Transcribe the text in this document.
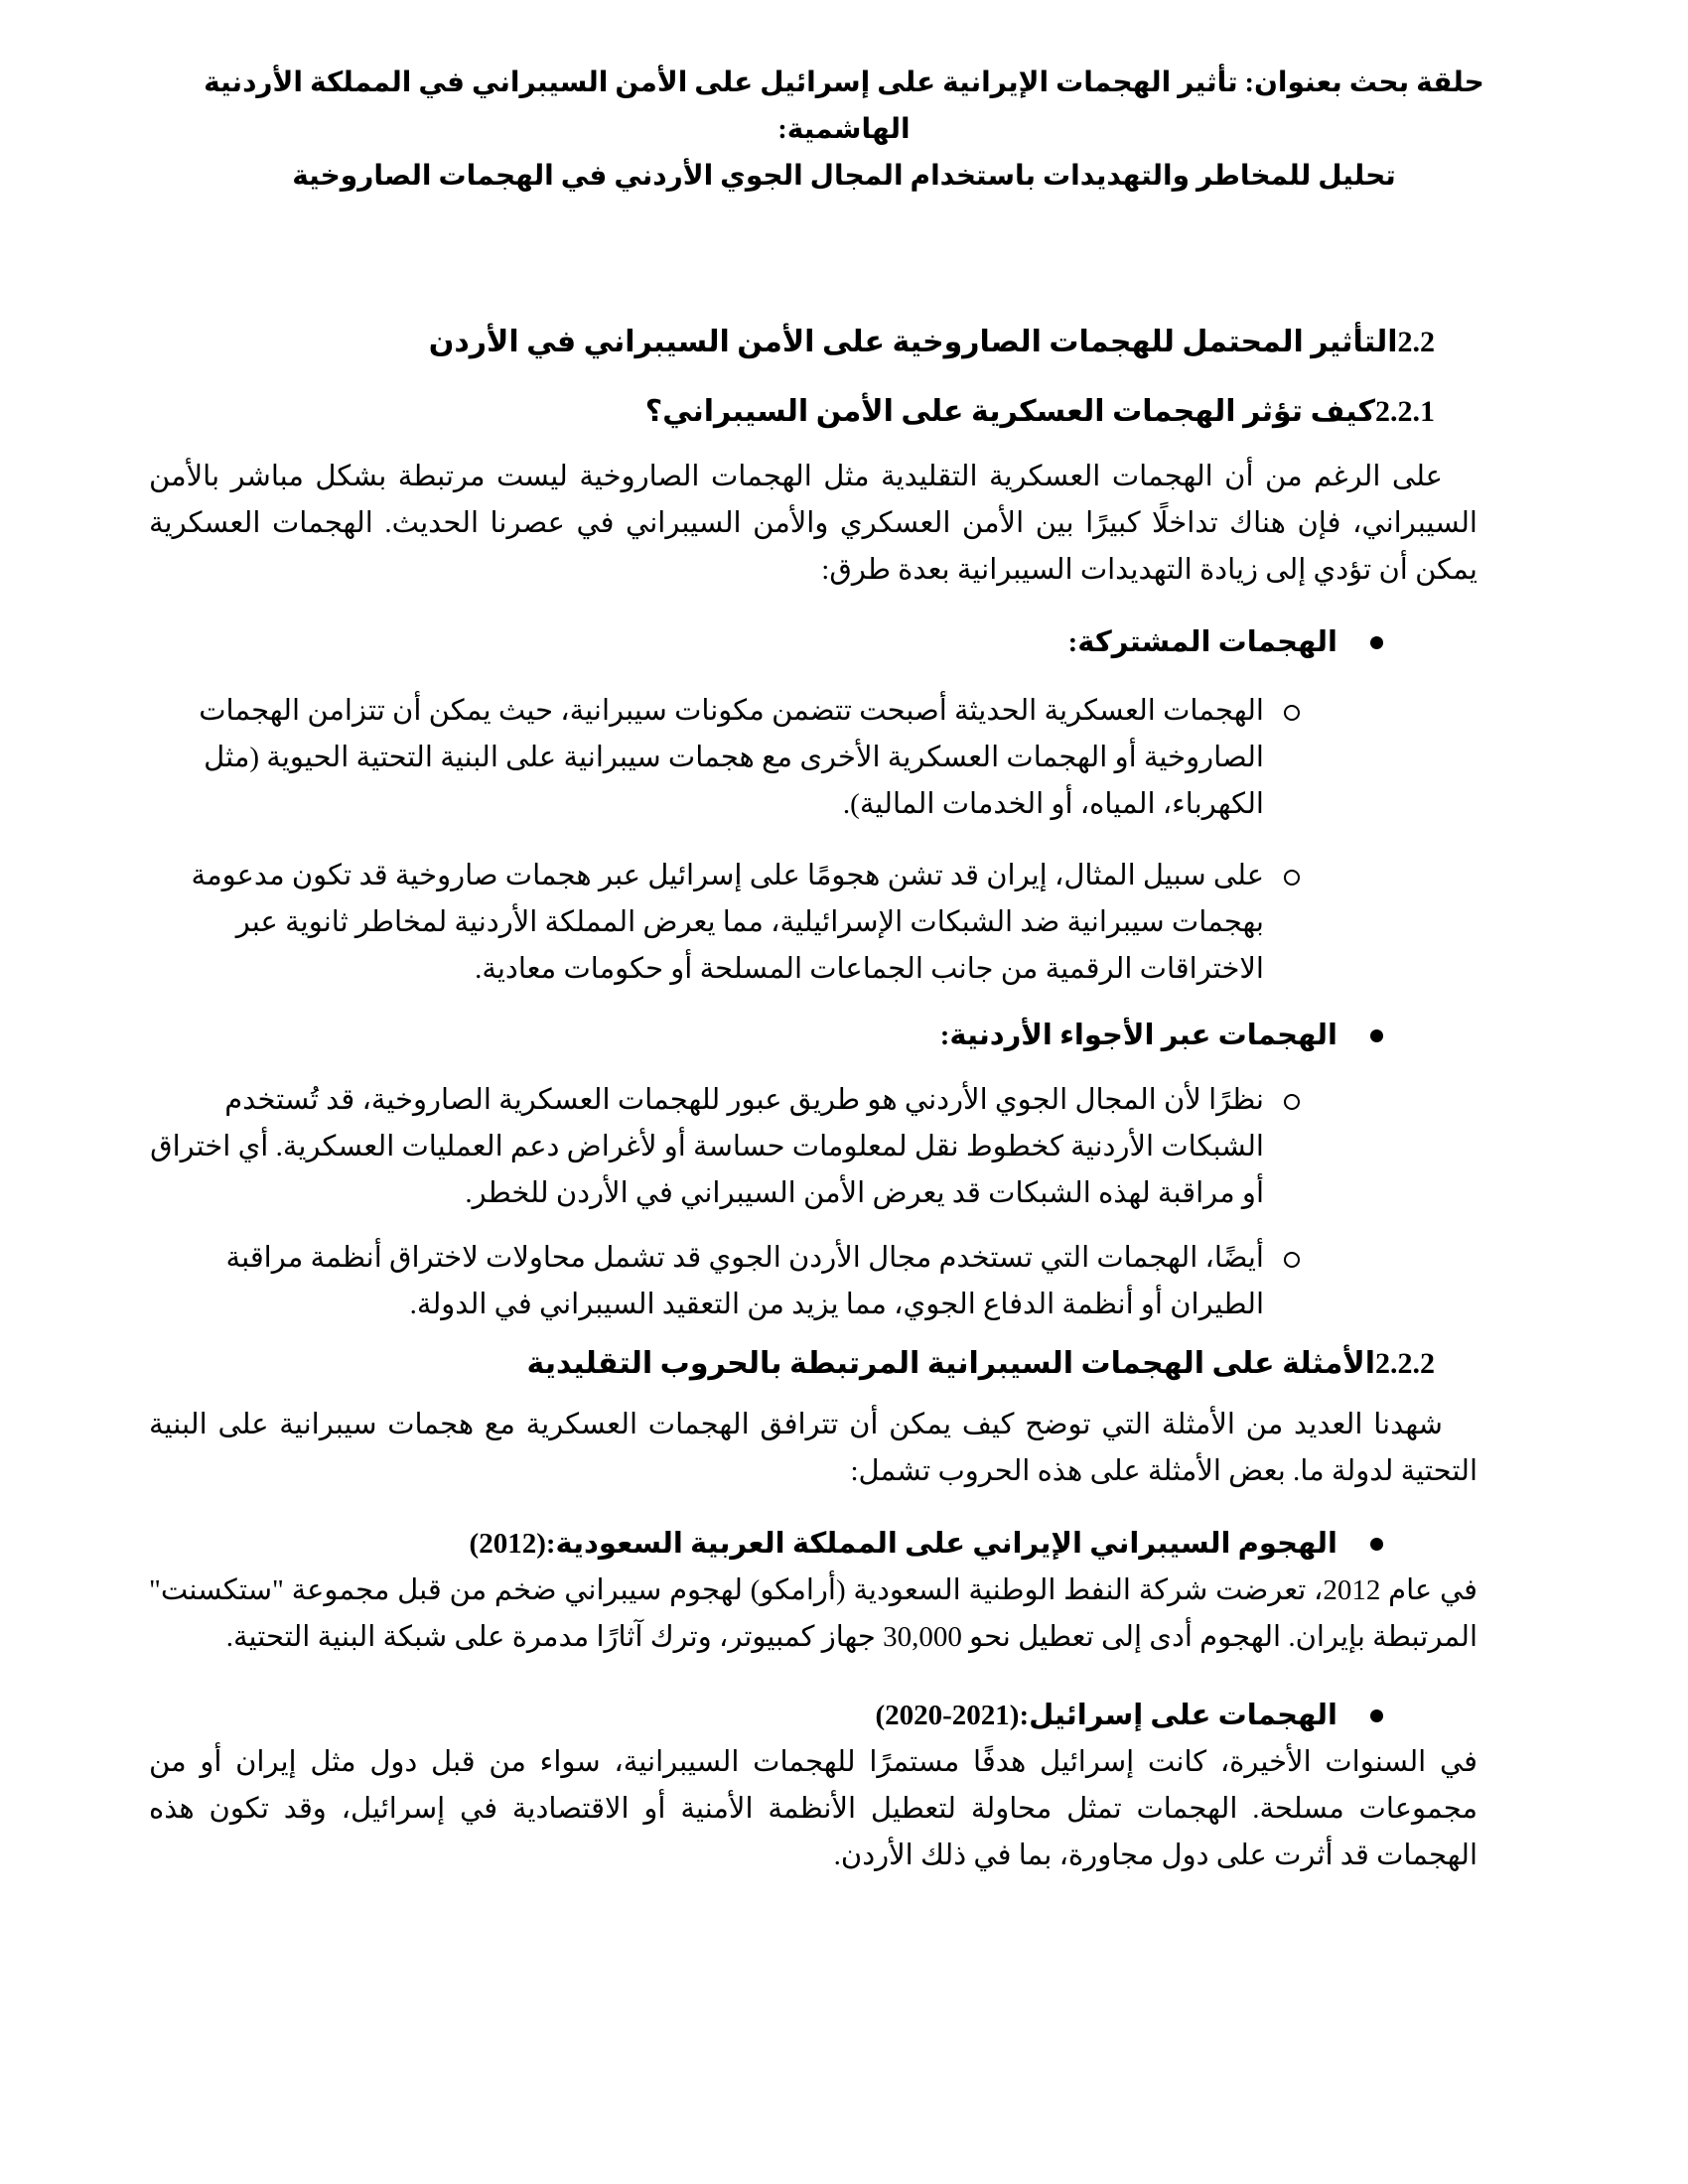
حلقة بحث بعنوان: تأثير الهجمات الإيرانية على إسرائيل على الأمن السيبراني في المملكة الأردنية الهاشمية:
تحليل للمخاطر والتهديدات باستخدام المجال الجوي الأردني في الهجمات الصاروخية
2.2التأثير المحتمل للهجمات الصاروخية على الأمن السيبراني في الأردن
2.2.1كيف تؤثر الهجمات العسكرية على الأمن السيبراني؟
على الرغم من أن الهجمات العسكرية التقليدية مثل الهجمات الصاروخية ليست مرتبطة بشكل مباشر بالأمن السيبراني، فإن هناك تداخلًا كبيرًا بين الأمن العسكري والأمن السيبراني في عصرنا الحديث. الهجمات العسكرية يمكن أن تؤدي إلى زيادة التهديدات السيبرانية بعدة طرق:
الهجمات المشتركة:
الهجمات العسكرية الحديثة أصبحت تتضمن مكونات سيبرانية، حيث يمكن أن تتزامن الهجمات الصاروخية أو الهجمات العسكرية الأخرى مع هجمات سيبرانية على البنية التحتية الحيوية (مثل الكهرباء، المياه، أو الخدمات المالية).
على سبيل المثال، إيران قد تشن هجومًا على إسرائيل عبر هجمات صاروخية قد تكون مدعومة بهجمات سيبرانية ضد الشبكات الإسرائيلية، مما يعرض المملكة الأردنية لمخاطر ثانوية عبر الاختراقات الرقمية من جانب الجماعات المسلحة أو حكومات معادية.
الهجمات عبر الأجواء الأردنية:
نظرًا لأن المجال الجوي الأردني هو طريق عبور للهجمات العسكرية الصاروخية، قد تُستخدم الشبكات الأردنية كخطوط نقل لمعلومات حساسة أو لأغراض دعم العمليات العسكرية. أي اختراق أو مراقبة لهذه الشبكات قد يعرض الأمن السيبراني في الأردن للخطر.
أيضًا، الهجمات التي تستخدم مجال الأردن الجوي قد تشمل محاولات لاختراق أنظمة مراقبة الطيران أو أنظمة الدفاع الجوي، مما يزيد من التعقيد السيبراني في الدولة.
2.2.2الأمثلة على الهجمات السيبرانية المرتبطة بالحروب التقليدية
شهدنا العديد من الأمثلة التي توضح كيف يمكن أن تترافق الهجمات العسكرية مع هجمات سيبرانية على البنية التحتية لدولة ما. بعض الأمثلة على هذه الحروب تشمل:
الهجوم السيبراني الإيراني على المملكة العربية السعودية:(2012)
في عام 2012، تعرضت شركة النفط الوطنية السعودية (أرامكو) لهجوم سيبراني ضخم من قبل مجموعة "ستكسنت" المرتبطة بإيران. الهجوم أدى إلى تعطيل نحو 30,000 جهاز كمبيوتر، وترك آثارًا مدمرة على شبكة البنية التحتية.
الهجمات على إسرائيل:(2020-2021)
في السنوات الأخيرة، كانت إسرائيل هدفًا مستمرًا للهجمات السيبرانية، سواء من قبل دول مثل إيران أو من مجموعات مسلحة. الهجمات تمثل محاولة لتعطيل الأنظمة الأمنية أو الاقتصادية في إسرائيل، وقد تكون هذه الهجمات قد أثرت على دول مجاورة، بما في ذلك الأردن.
